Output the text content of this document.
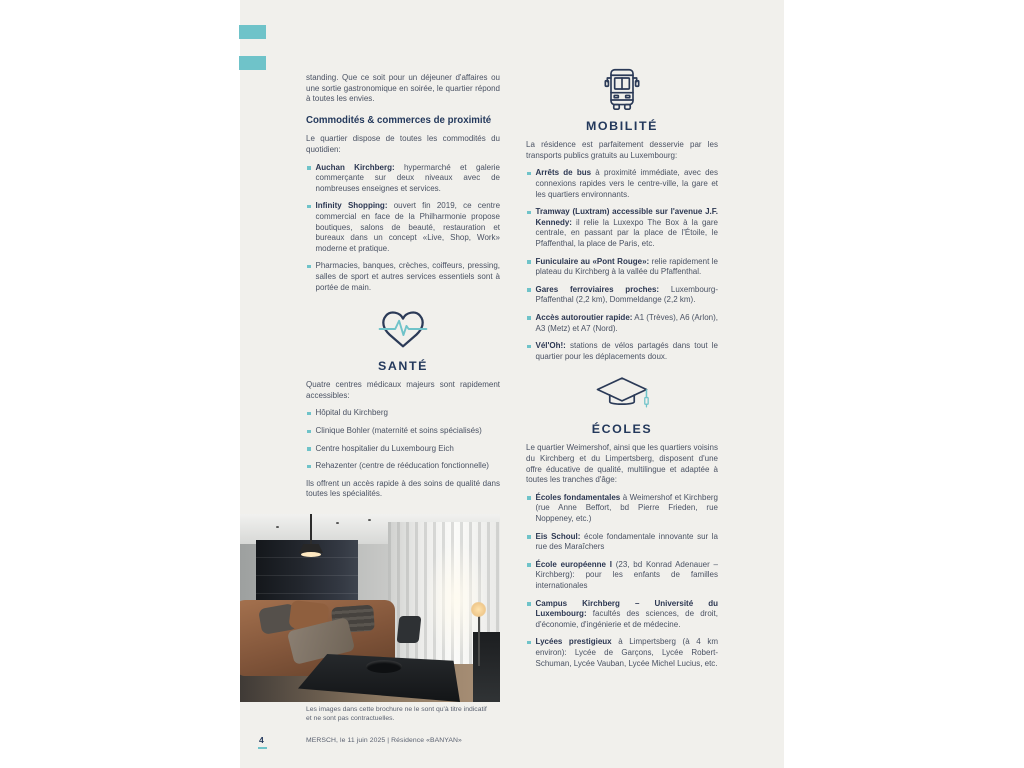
standing. Que ce soit pour un déjeuner d'affaires ou une sortie gastronomique en soirée, le quartier répond à toutes les envies.

Commodités & commerces de proximité

Le quartier dispose de toutes les commodités du quotidien:

Auchan Kirchberg: hypermarché et galerie commerçante sur deux niveaux avec de nombreuses enseignes et services.
Infinity Shopping: ouvert fin 2019, ce centre commercial en face de la Philharmonie propose boutiques, salons de beauté, restauration et bureaux dans un concept «Live, Shop, Work» moderne et pratique.
Pharmacies, banques, crèches, coiffeurs, pressing, salles de sport et autres services essentiels sont à portée de main.
SANTÉ

Quatre centres médicaux majeurs sont rapidement accessibles:

Hôpital du Kirchberg
Clinique Bohler (maternité et soins spécialisés)
Centre hospitalier du Luxembourg Eich
Rehazenter (centre de rééducation fonctionnelle)

Ils offrent un accès rapide à des soins de qualité dans toutes les spécialités.

Les images dans cette brochure ne le sont qu'à titre indicatif et ne sont pas contractuelles.
MOBILITÉ

La résidence est parfaitement desservie par les transports publics gratuits au Luxembourg:

Arrêts de bus à proximité immédiate, avec des connexions rapides vers le centre-ville, la gare et les quartiers environnants.
Tramway (Luxtram) accessible sur l'avenue J.F. Kennedy: il relie la Luxexpo The Box à la gare centrale, en passant par la place de l'Étoile, le Pfaffenthal, la place de Paris, etc.
Funiculaire au «Pont Rouge»: relie rapidement le plateau du Kirchberg à la vallée du Pfaffenthal.
Gares ferroviaires proches: Luxembourg-Pfaffenthal (2,2 km), Dommeldange (2,2 km).
Accès autoroutier rapide: A1 (Trèves), A6 (Arlon), A3 (Metz) et A7 (Nord).
Vél'Oh!: stations de vélos partagés dans tout le quartier pour les déplacements doux.
ÉCOLES

Le quartier Weimershof, ainsi que les quartiers voisins du Kirchberg et du Limpertsberg, disposent d'une offre éducative de qualité, multilingue et adaptée à toutes les tranches d'âge:

Écoles fondamentales à Weimershof et Kirchberg (rue Anne Beffort, bd Pierre Frieden, rue Noppeney, etc.)
Eis Schoul: école fondamentale innovante sur la rue des Maraîchers
École européenne I (23, bd Konrad Adenauer – Kirchberg): pour les enfants de familles internationales
Campus Kirchberg – Université du Luxembourg: facultés des sciences, de droit, d'économie, d'ingénierie et de médecine.
Lycées prestigieux à Limpertsberg (à 4 km environ): Lycée de Garçons, Lycée Robert-Schuman, Lycée Vauban, Lycée Michel Lucius, etc.
4	MERSCH, le 11 juin 2025 | Résidence «BANYAN»
